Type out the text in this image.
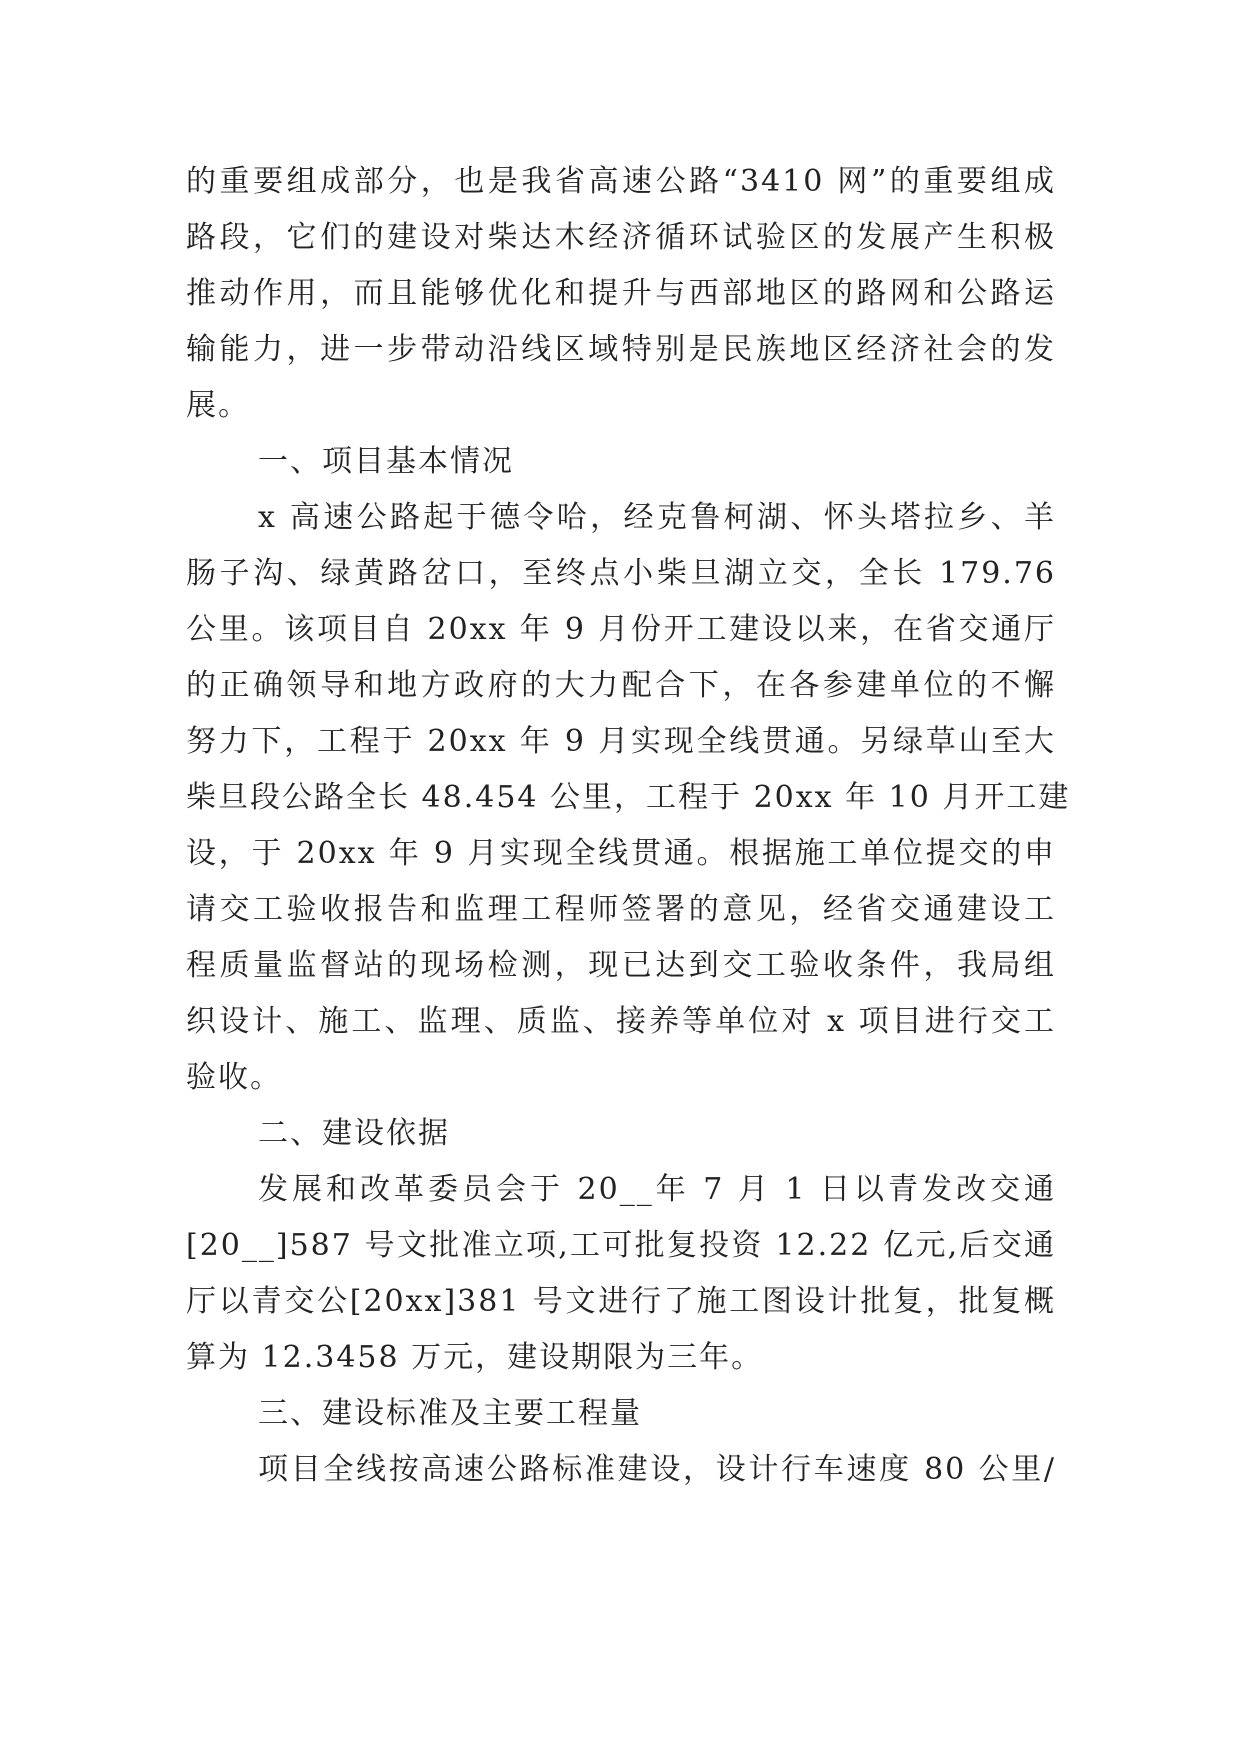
的重要组成部分，也是我省高速公路“3410 网”的重要组成
路段，它们的建设对柴达木经济循环试验区的发展产生积极
推动作用，而且能够优化和提升与西部地区的路网和公路运
输能力，进一步带动沿线区域特别是民族地区经济社会的发
展。
一、项目基本情况
x 高速公路起于德令哈，经克鲁柯湖、怀头塔拉乡、羊
肠子沟、绿黄路岔口，至终点小柴旦湖立交，全长 179.76
公里。该项目自 20xx 年 9 月份开工建设以来，在省交通厅
的正确领导和地方政府的大力配合下，在各参建单位的不懈
努力下，工程于 20xx 年 9 月实现全线贯通。另绿草山至大
柴旦段公路全长 48.454 公里，工程于 20xx 年 10 月开工建
设，于 20xx 年 9 月实现全线贯通。根据施工单位提交的申
请交工验收报告和监理工程师签署的意见，经省交通建设工
程质量监督站的现场检测，现已达到交工验收条件，我局组
织设计、施工、监理、质监、接养等单位对 x 项目进行交工
验收。
二、建设依据
发展和改革委员会于 20__年 7 月 1 日以青发改交通
[20__]587 号文批准立项,工可批复投资 12.22 亿元,后交通
厅以青交公[20xx]381 号文进行了施工图设计批复，批复概
算为 12.3458 万元，建设期限为三年。
三、建设标准及主要工程量
项目全线按高速公路标准建设，设计行车速度 80 公里/
